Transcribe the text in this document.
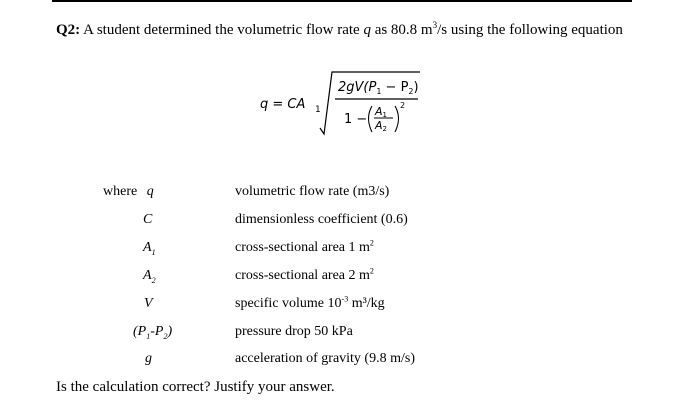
Q2: A student determined the volumetric flow rate q as 80.8 $m^3/s$ using the following equation
q = CA 1
$2gV(P_1 - P_2)$
1 −
A1
A2
2
where q	volumetric flow rate (m3/s)
C	dimensionless coefficient (0.6)
$A_1$	cross-sectional area 1 $m^2$
$A_2$	cross-sectional area 2 $m^2$
V	specific volume $10^{-3}$ m³/kg
$(P_1-P_2)$	pressure drop 50 kPa
g	acceleration of gravity (9.8 m/s)
Is the calculation correct? Justify your answer.
